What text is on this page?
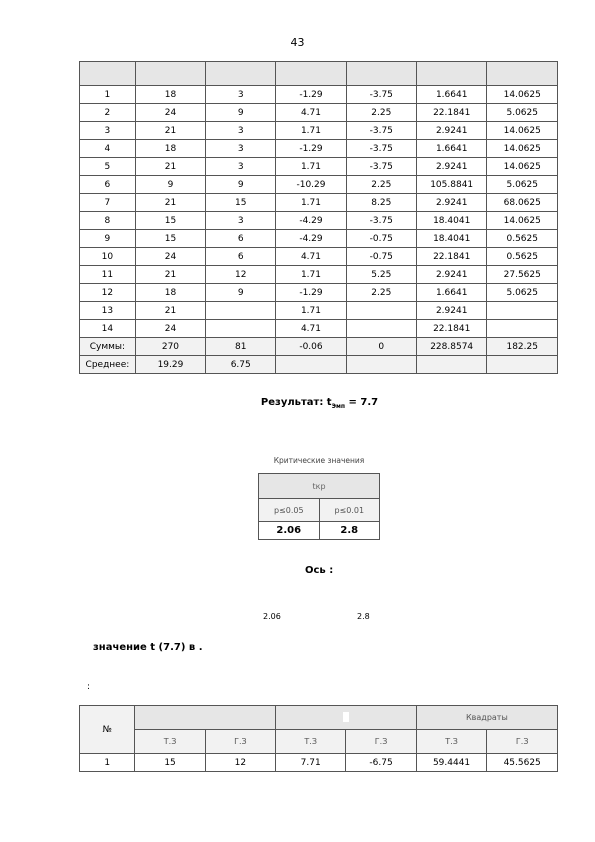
43

1	18	3	-1.29	-3.75	1.6641	14.0625
2	24	9	4.71	2.25	22.1841	5.0625
3	21	3	1.71	-3.75	2.9241	14.0625
4	18	3	-1.29	-3.75	1.6641	14.0625
5	21	3	1.71	-3.75	2.9241	14.0625
6	9	9	-10.29	2.25	105.8841	5.0625
7	21	15	1.71	8.25	2.9241	68.0625
8	15	3	-4.29	-3.75	18.4041	14.0625
9	15	6	-4.29	-0.75	18.4041	0.5625
10	24	6	4.71	-0.75	22.1841	0.5625
11	21	12	1.71	5.25	2.9241	27.5625
12	18	9	-1.29	2.25	1.6641	5.0625
13	21		1.71		2.9241	
14	24		4.71		22.1841	
Суммы:	270	81	-0.06	0	228.8574	182.25
Среднее:	19.29	6.75				
Результат: $t_{Эмп} = 7.7$
Критические значения
tкр	
p≤0.05	p≤0.01
2.06	2.8
Ось :
2.06	2.8
значение t (7.7) в .
:
№					Квадраты	
	Т.З	Г.З	Т.З	Г.З	Т.З	Г.З
1	15	12	7.71	-6.75	59.4441	45.5625
